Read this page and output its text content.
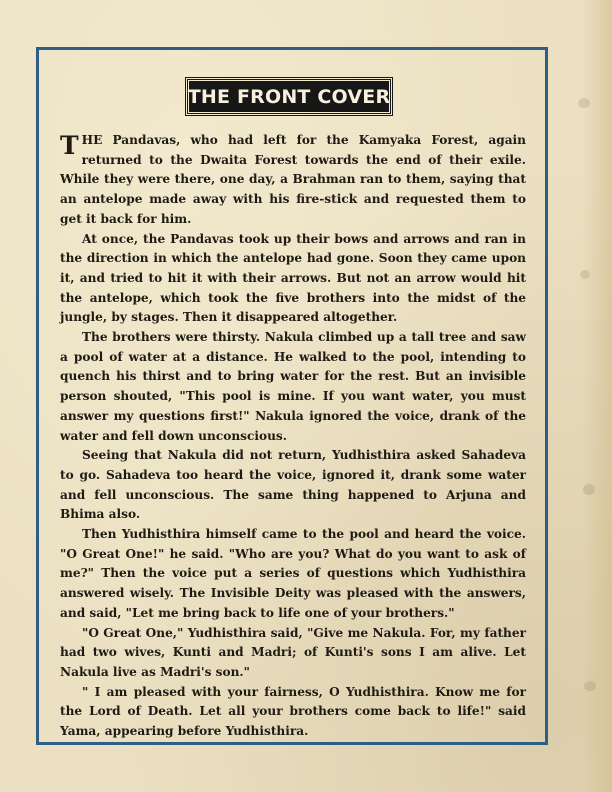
THE FRONT COVER

THE Pandavas, who had left for the Kamyaka Forest, again returned to the Dwaita Forest towards the end of their exile. While they were there, one day, a Brahman ran to them, saying that an antelope made away with his fire-stick and requested them to get it back for him.

At once, the Pandavas took up their bows and arrows and ran in the direction in which the antelope had gone. Soon they came upon it, and tried to hit it with their arrows. But not an arrow would hit the antelope, which took the five brothers into the midst of the jungle, by stages. Then it disappeared altogether.

The brothers were thirsty. Nakula climbed up a tall tree and saw a pool of water at a distance. He walked to the pool, intending to quench his thirst and to bring water for the rest. But an invisible person shouted, "This pool is mine. If you want water, you must answer my questions first!" Nakula ignored the voice, drank of the water and fell down unconscious.

Seeing that Nakula did not return, Yudhisthira asked Sahadeva to go. Sahadeva too heard the voice, ignored it, drank some water and fell unconscious. The same thing happened to Arjuna and Bhima also.

Then Yudhisthira himself came to the pool and heard the voice. "O Great One!" he said. "Who are you? What do you want to ask of me?" Then the voice put a series of questions which Yudhisthira answered wisely. The Invisible Deity was pleased with the answers, and said, "Let me bring back to life one of your brothers."

"O Great One," Yudhisthira said, "Give me Nakula. For, my father had two wives, Kunti and Madri; of Kunti's sons I am alive. Let Nakula live as Madri's son."

" I am pleased with your fairness, O Yudhisthira. Know me for the Lord of Death. Let all your brothers come back to life!" said Yama, appearing before Yudhisthira.
